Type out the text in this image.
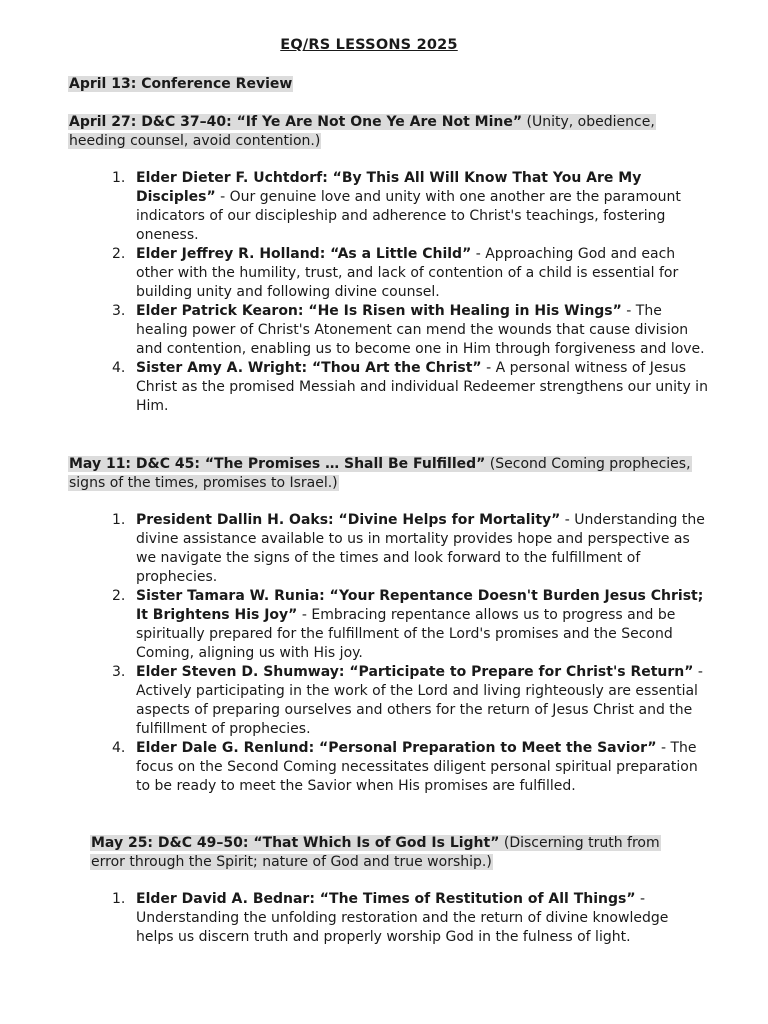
EQ/RS LESSONS 2025
April 13: Conference Review
April 27: D&C 37–40: “If Ye Are Not One Ye Are Not Mine” (Unity, obedience, heeding counsel, avoid contention.)
1. Elder Dieter F. Uchtdorf: “By This All Will Know That You Are My Disciples” - Our genuine love and unity with one another are the paramount indicators of our discipleship and adherence to Christ's teachings, fostering oneness.
2. Elder Jeffrey R. Holland: “As a Little Child” - Approaching God and each other with the humility, trust, and lack of contention of a child is essential for building unity and following divine counsel.
3. Elder Patrick Kearon: “He Is Risen with Healing in His Wings” - The healing power of Christ's Atonement can mend the wounds that cause division and contention, enabling us to become one in Him through forgiveness and love.
4. Sister Amy A. Wright: “Thou Art the Christ” - A personal witness of Jesus Christ as the promised Messiah and individual Redeemer strengthens our unity in Him.
May 11: D&C 45: “The Promises … Shall Be Fulfilled” (Second Coming prophecies, signs of the times, promises to Israel.)
1. President Dallin H. Oaks: “Divine Helps for Mortality” - Understanding the divine assistance available to us in mortality provides hope and perspective as we navigate the signs of the times and look forward to the fulfillment of prophecies.
2. Sister Tamara W. Runia: “Your Repentance Doesn't Burden Jesus Christ; It Brightens His Joy” - Embracing repentance allows us to progress and be spiritually prepared for the fulfillment of the Lord's promises and the Second Coming, aligning us with His joy.
3. Elder Steven D. Shumway: “Participate to Prepare for Christ's Return” - Actively participating in the work of the Lord and living righteously are essential aspects of preparing ourselves and others for the return of Jesus Christ and the fulfillment of prophecies.
4. Elder Dale G. Renlund: “Personal Preparation to Meet the Savior” - The focus on the Second Coming necessitates diligent personal spiritual preparation to be ready to meet the Savior when His promises are fulfilled.
May 25: D&C 49–50: “That Which Is of God Is Light” (Discerning truth from error through the Spirit; nature of God and true worship.)
1. Elder David A. Bednar: “The Times of Restitution of All Things” - Understanding the unfolding restoration and the return of divine knowledge helps us discern truth and properly worship God in the fulness of light.
